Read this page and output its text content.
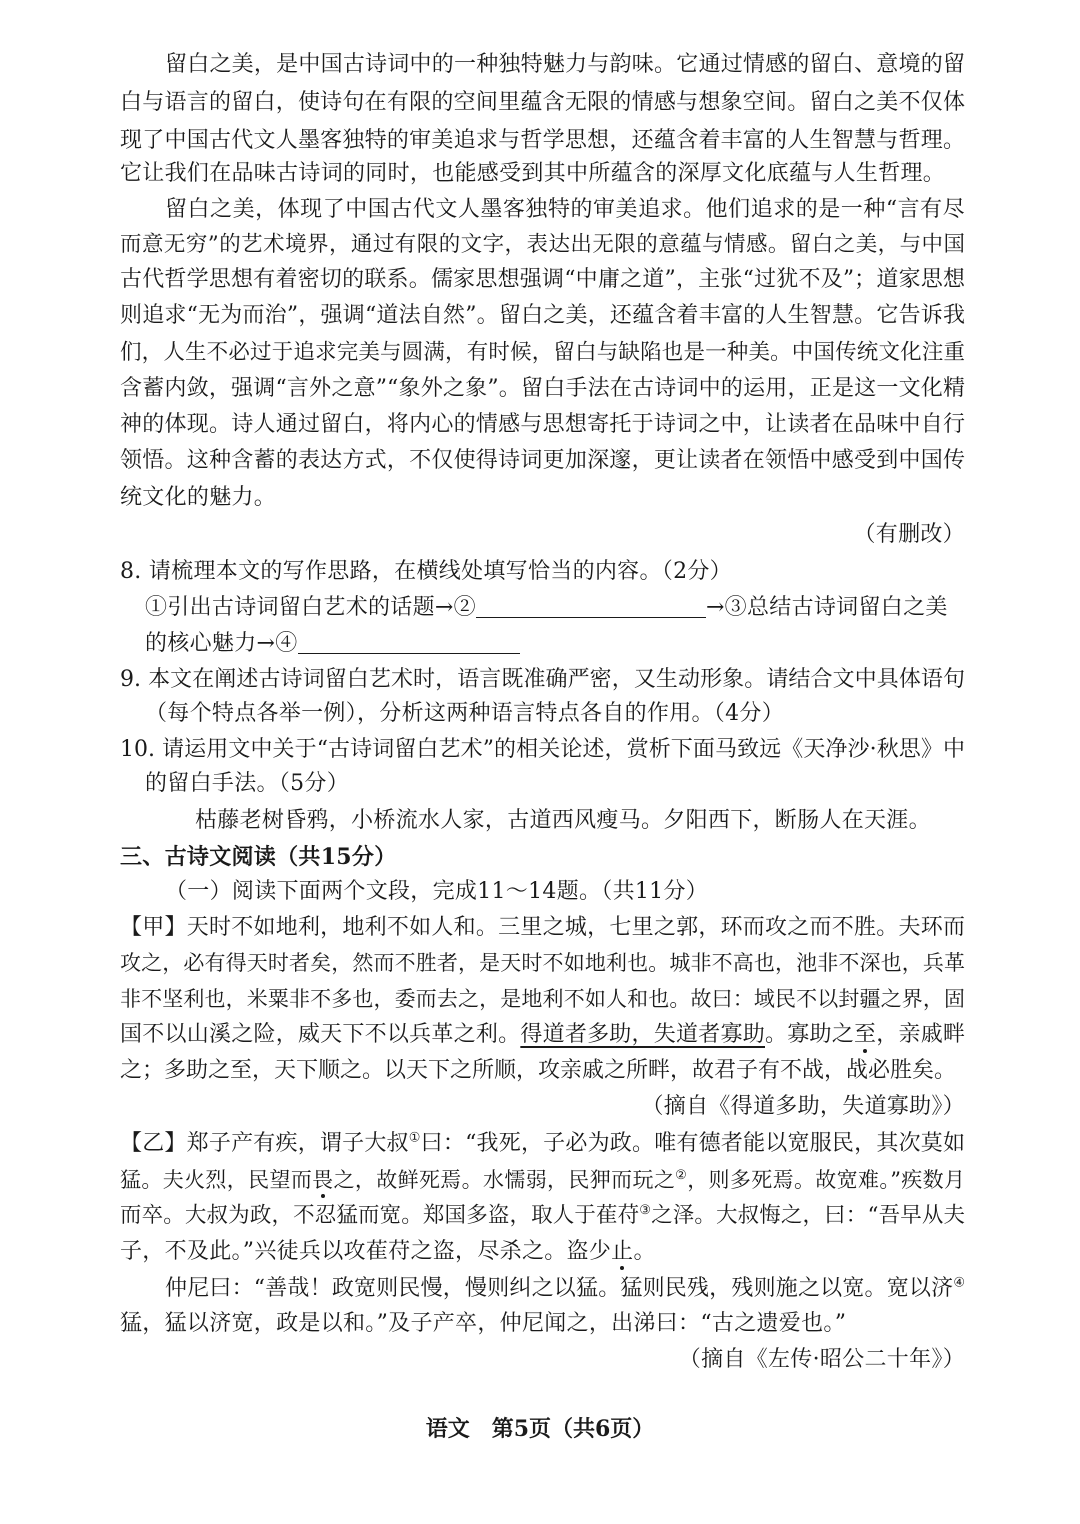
留白之美，是中国古诗词中的一种独特魅力与韵味。它通过情感的留白、意境的留
白与语言的留白，使诗句在有限的空间里蕴含无限的情感与想象空间。留白之美不仅体
现了中国古代文人墨客独特的审美追求与哲学思想，还蕴含着丰富的人生智慧与哲理。
它让我们在品味古诗词的同时，也能感受到其中所蕴含的深厚文化底蕴与人生哲理。
留白之美，体现了中国古代文人墨客独特的审美追求。他们追求的是一种“言有尽
而意无穷”的艺术境界，通过有限的文字，表达出无限的意蕴与情感。留白之美，与中国
古代哲学思想有着密切的联系。儒家思想强调“中庸之道”，主张“过犹不及”；道家思想
则追求“无为而治”，强调“道法自然”。留白之美，还蕴含着丰富的人生智慧。它告诉我
们，人生不必过于追求完美与圆满，有时候，留白与缺陷也是一种美。中国传统文化注重
含蓄内敛，强调“言外之意”“象外之象”。留白手法在古诗词中的运用，正是这一文化精
神的体现。诗人通过留白，将内心的情感与思想寄托于诗词之中，让读者在品味中自行
领悟。这种含蓄的表达方式，不仅使得诗词更加深邃，更让读者在领悟中感受到中国传
统文化的魅力。
（有删改）
8. 请梳理本文的写作思路，在横线处填写恰当的内容。（2分）
①引出古诗词留白艺术的话题→②	→③总结古诗词留白之美
的核心魅力→④
9. 本文在阐述古诗词留白艺术时，语言既准确严密，又生动形象。请结合文中具体语句
（每个特点各举一例），分析这两种语言特点各自的作用。（4分）
10. 请运用文中关于“古诗词留白艺术”的相关论述，赏析下面马致远《天净沙·秋思》中
的留白手法。（5分）
枯藤老树昏鸦，小桥流水人家，古道西风瘦马。夕阳西下，断肠人在天涯。
三、古诗文阅读（共15分）
（一）阅读下面两个文段，完成11～14题。（共11分）
【甲】天时不如地利，地利不如人和。三里之城，七里之郭，环而攻之而不胜。夫环而
攻之，必有得天时者矣，然而不胜者，是天时不如地利也。城非不高也，池非不深也，兵革
非不坚利也，米粟非不多也，委而去之，是地利不如人和也。故曰：域民不以封疆之界，固
国不以山溪之险，威天下不以兵革之利。得道者多助，失道者寡助。寡助之至，亲戚畔
之；多助之至，天下顺之。以天下之所顺，攻亲戚之所畔，故君子有不战，战必胜矣。
（摘自《得道多助，失道寡助》）
【乙】郑子产有疾，谓子大叔①曰：“我死，子必为政。唯有德者能以宽服民，其次莫如
猛。夫火烈，民望而畏之，故鲜死焉。水懦弱，民狎而玩之②，则多死焉。故宽难。”疾数月
而卒。大叔为政，不忍猛而宽。郑国多盗，取人于萑苻③之泽。大叔悔之，曰：“吾早从夫
子，不及此。”兴徒兵以攻萑苻之盗，尽杀之。盗少止。
仲尼曰：“善哉！政宽则民慢，慢则纠之以猛。猛则民残，残则施之以宽。宽以济④
猛，猛以济宽，政是以和。”及子产卒，仲尼闻之，出涕曰：“古之遗爱也。”
（摘自《左传·昭公二十年》）
语文　第5页（共6页）
